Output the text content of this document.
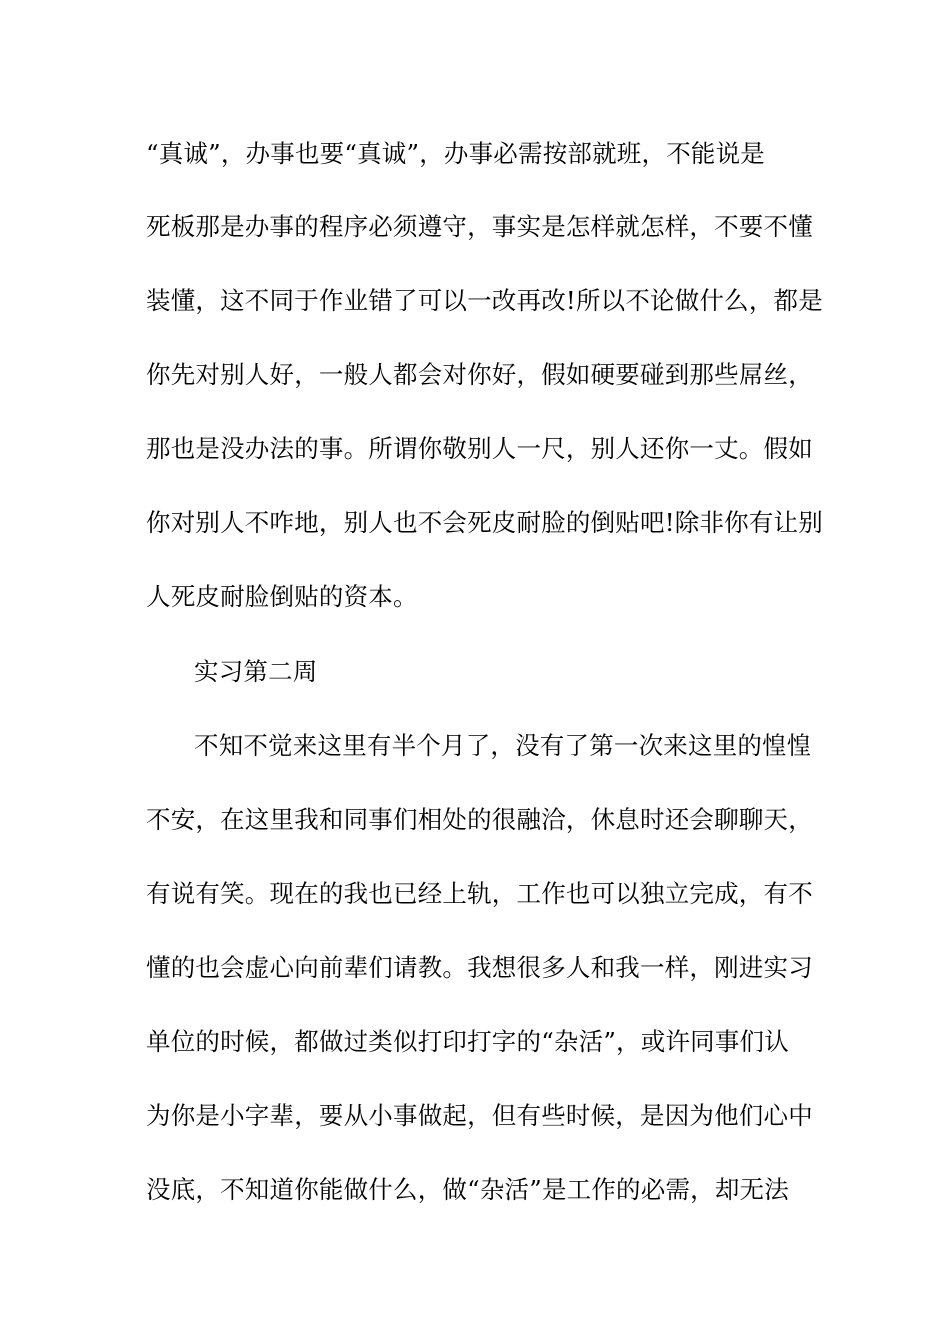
“真诚”，办事也要“真诚”，办事必需按部就班，不能说是
死板那是办事的程序必须遵守，事实是怎样就怎样，不要不懂
装懂，这不同于作业错了可以一改再改!所以不论做什么，都是
你先对别人好，一般人都会对你好，假如硬要碰到那些屌丝，
那也是没办法的事。所谓你敬别人一尺，别人还你一丈。假如
你对别人不咋地，别人也不会死皮耐脸的倒贴吧!除非你有让别
人死皮耐脸倒贴的资本。
实习第二周
不知不觉来这里有半个月了，没有了第一次来这里的惶惶
不安，在这里我和同事们相处的很融洽，休息时还会聊聊天，
有说有笑。现在的我也已经上轨，工作也可以独立完成，有不
懂的也会虚心向前辈们请教。我想很多人和我一样，刚进实习
单位的时候，都做过类似打印打字的“杂活”，或许同事们认
为你是小字辈，要从小事做起，但有些时候，是因为他们心中
没底，不知道你能做什么，做“杂活”是工作的必需，却无法
